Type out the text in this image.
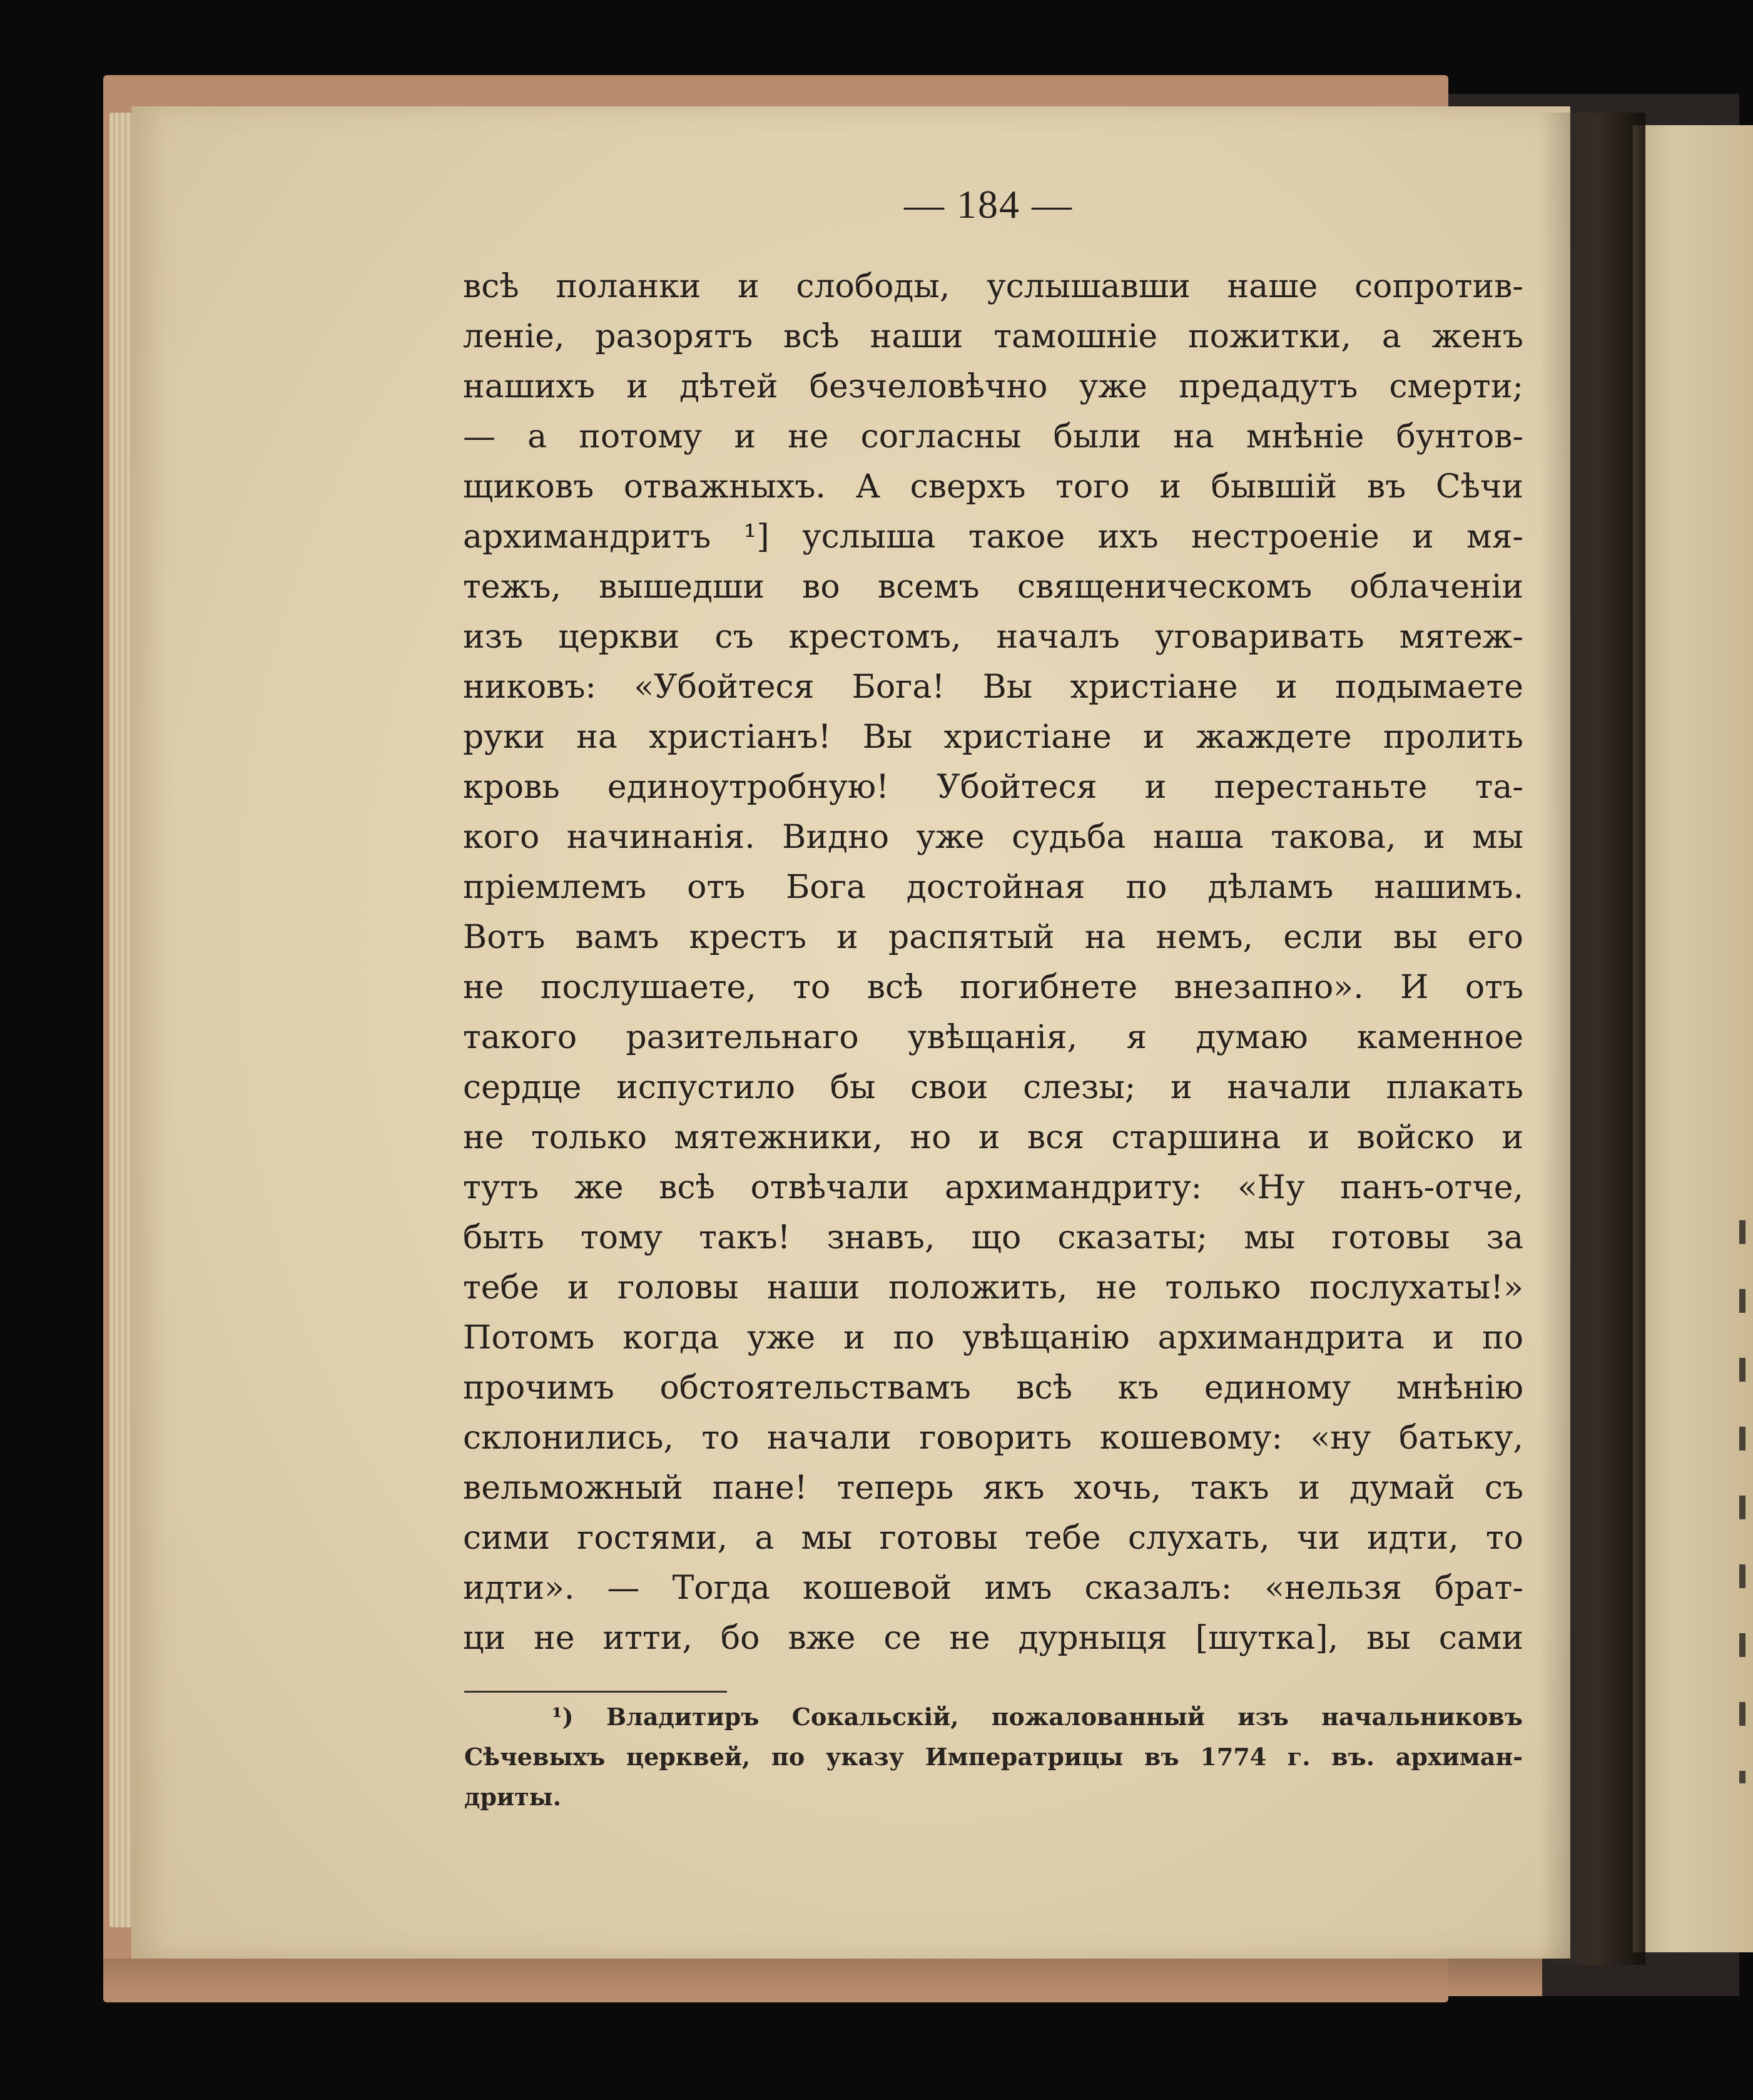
— 184 —
всѣ поланки и слободы, услышавши наше сопротив-
леніе, разорятъ всѣ наши тамошніе пожитки, а женъ
нашихъ и дѣтей безчеловѣчно уже предадутъ смерти;
— а потому и не согласны были на мнѣніе бунтов-
щиковъ отважныхъ. А сверхъ того и бывшій въ Сѣчи
архимандритъ ¹] услыша такое ихъ нестроеніе и мя-
тежъ, вышедши во всемъ священическомъ облаченіи
изъ церкви съ крестомъ, началъ уговаривать мятеж-
никовъ: «Убойтеся Бога! Вы христіане и подымаете
руки на христіанъ! Вы христіане и жаждете пролить
кровь единоутробную! Убойтеся и перестаньте та-
кого начинанія. Видно уже судьба наша такова, и мы
пріемлемъ отъ Бога достойная по дѣламъ нашимъ.
Вотъ вамъ крестъ и распятый на немъ, если вы его
не послушаете, то всѣ погибнете внезапно». И отъ
такого разительнаго увѣщанія, я думаю каменное
сердце испустило бы свои слезы; и начали плакать
не только мятежники, но и вся старшина и войско и
тутъ же всѣ отвѣчали архимандриту: «Ну панъ-отче,
быть тому такъ! знавъ, що сказаты; мы готовы за
тебе и головы наши положить, не только послухаты!»
Потомъ когда уже и по увѣщанію архимандрита и по
прочимъ обстоятельствамъ всѣ къ единому мнѣнію
склонились, то начали говорить кошевому: «ну батьку,
вельможный пане! теперь якъ хочь, такъ и думай съ
сими гостями, а мы готовы тебе слухать, чи идти, то
идти». — Тогда кошевой имъ сказалъ: «нельзя брат-
ци не итти, бо вже се не дурныця [шутка], вы сами
¹) Владитиръ Сокальскій, пожалованный изъ начальниковъ
Сѣчевыхъ церквей, по указу Императрицы въ 1774 г. въ. архиман-
дриты.
